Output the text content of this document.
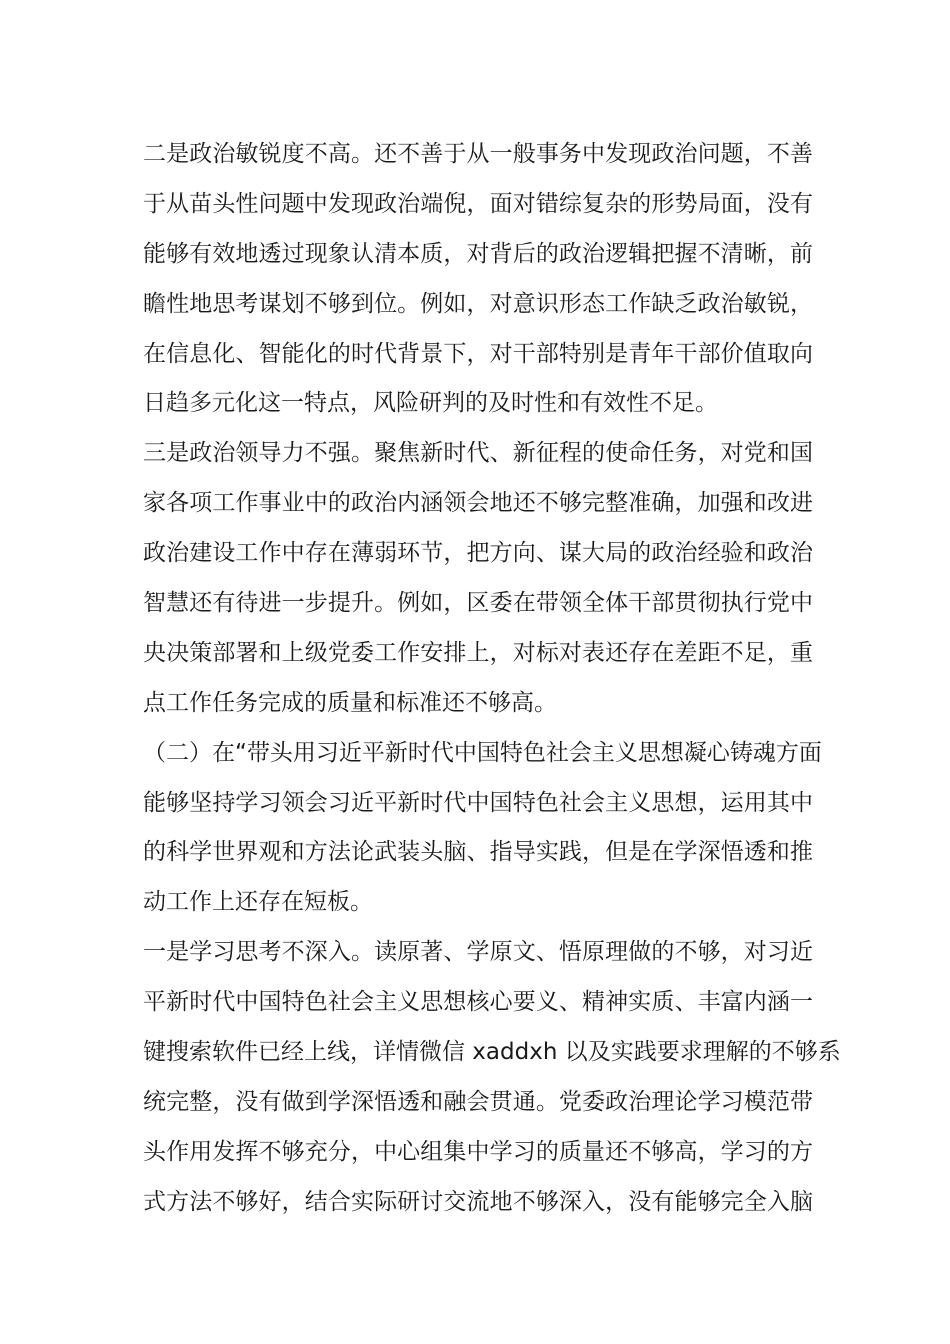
二是政治敏锐度不高。还不善于从一般事务中发现政治问题，不善
于从苗头性问题中发现政治端倪，面对错综复杂的形势局面，没有
能够有效地透过现象认清本质，对背后的政治逻辑把握不清晰，前
瞻性地思考谋划不够到位。例如，对意识形态工作缺乏政治敏锐，
在信息化、智能化的时代背景下，对干部特别是青年干部价值取向
日趋多元化这一特点，风险研判的及时性和有效性不足。
三是政治领导力不强。聚焦新时代、新征程的使命任务，对党和国
家各项工作事业中的政治内涵领会地还不够完整准确，加强和改进
政治建设工作中存在薄弱环节，把方向、谋大局的政治经验和政治
智慧还有待进一步提升。例如，区委在带领全体干部贯彻执行党中
央决策部署和上级党委工作安排上，对标对表还存在差距不足，重
点工作任务完成的质量和标准还不够高。
（二）在“带头用习近平新时代中国特色社会主义思想凝心铸魂方面
能够坚持学习领会习近平新时代中国特色社会主义思想，运用其中
的科学世界观和方法论武装头脑、指导实践，但是在学深悟透和推
动工作上还存在短板。
一是学习思考不深入。读原著、学原文、悟原理做的不够，对习近
平新时代中国特色社会主义思想核心要义、精神实质、丰富内涵一
键搜索软件已经上线，详情微信 xaddxh 以及实践要求理解的不够系
统完整，没有做到学深悟透和融会贯通。党委政治理论学习模范带
头作用发挥不够充分，中心组集中学习的质量还不够高，学习的方
式方法不够好，结合实际研讨交流地不够深入，没有能够完全入脑
